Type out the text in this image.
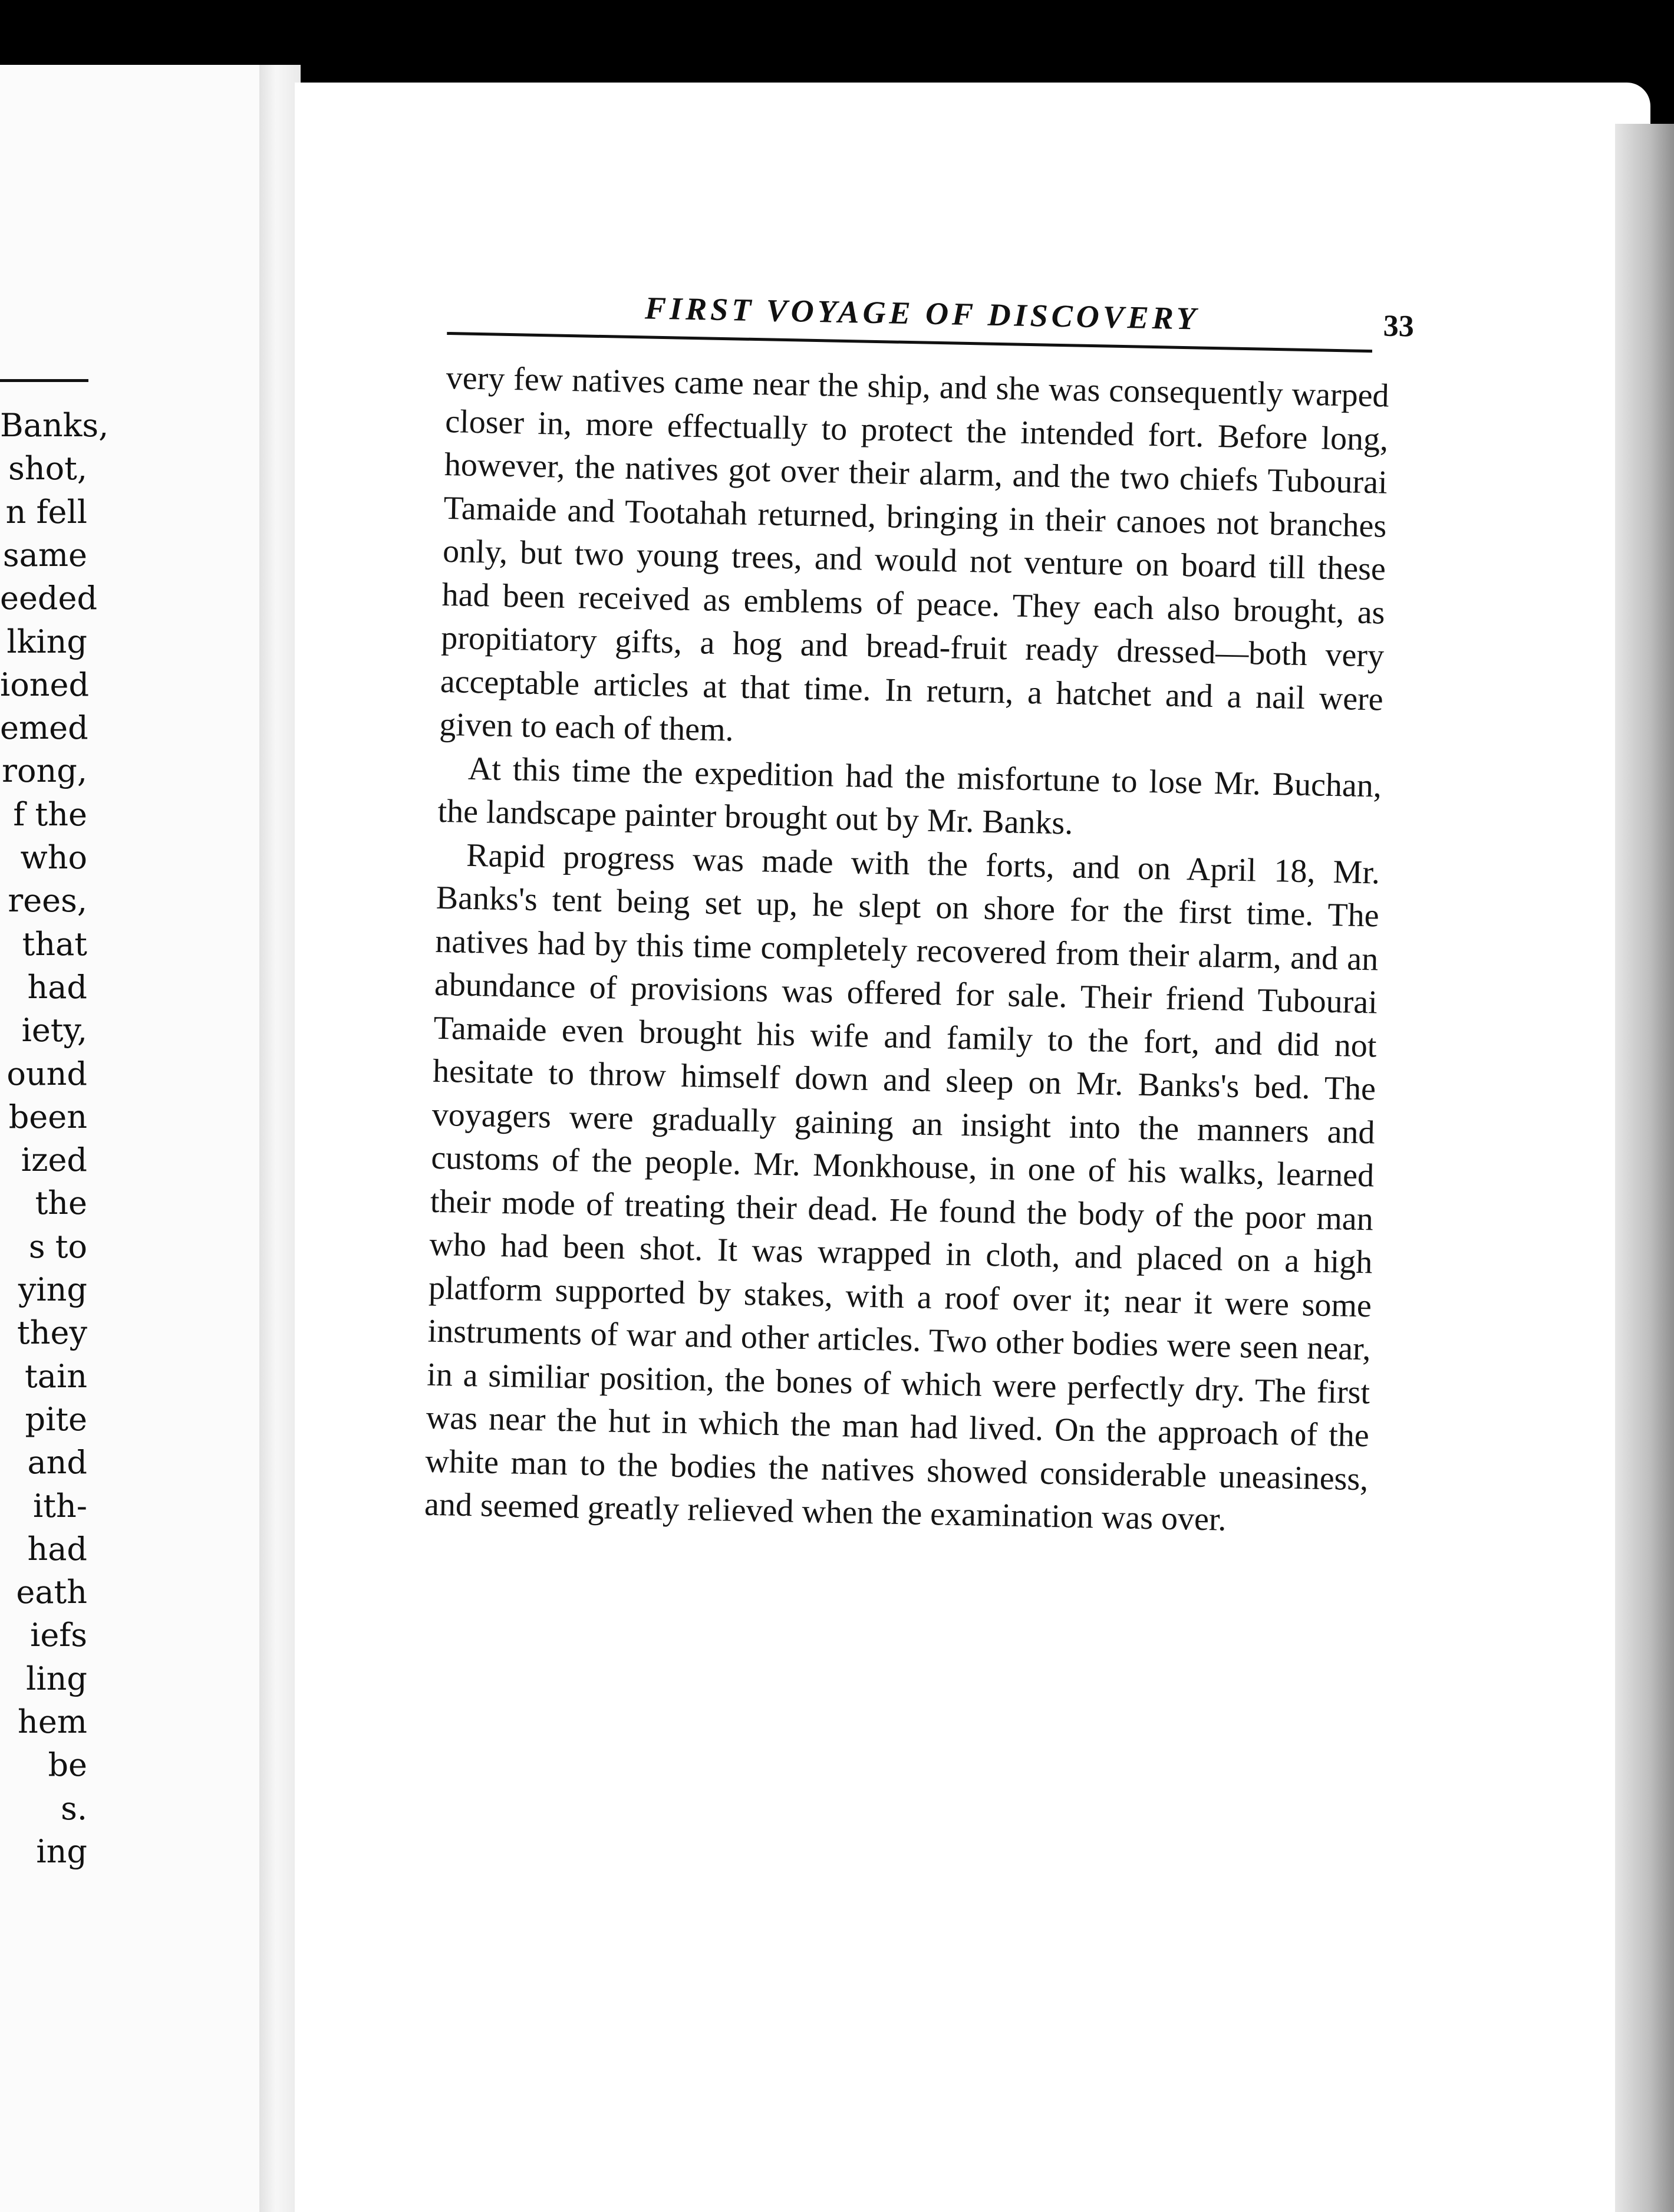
Banks,
shot,
n fell
same
eeded
lking
ioned
emed
rong,
f the
who
rees,
that
had
iety,
ound
been
ized
the
s to
ying
they
tain
pite
and
ith-
had
eath
iefs
ling
hem
be
s.
ing
FIRST VOYAGE OF DISCOVERY	33

very few natives came near the ship, and she was consequently warped closer in, more effectually to protect the intended fort. Before long, however, the natives got over their alarm, and the two chiefs Tubourai Tamaide and Tootahah returned, bringing in their canoes not branches only, but two young trees, and would not venture on board till these had been received as emblems of peace. They each also brought, as propitiatory gifts, a hog and bread-fruit ready dressed—both very acceptable articles at that time. In return, a hatchet and a nail were given to each of them.

At this time the expedition had the misfortune to lose Mr. Buchan, the landscape painter brought out by Mr. Banks.

Rapid progress was made with the forts, and on April 18, Mr. Banks's tent being set up, he slept on shore for the first time. The natives had by this time completely recovered from their alarm, and an abundance of provisions was offered for sale. Their friend Tubourai Tamaide even brought his wife and family to the fort, and did not hesitate to throw himself down and sleep on Mr. Banks's bed. The voyagers were gradually gaining an insight into the manners and customs of the people. Mr. Monkhouse, in one of his walks, learned their mode of treating their dead. He found the body of the poor man who had been shot. It was wrapped in cloth, and placed on a high platform supported by stakes, with a roof over it; near it were some instruments of war and other articles. Two other bodies were seen near, in a similiar position, the bones of which were perfectly dry. The first was near the hut in which the man had lived. On the approach of the white man to the bodies the natives showed considerable uneasiness, and seemed greatly relieved when the examination was over.
